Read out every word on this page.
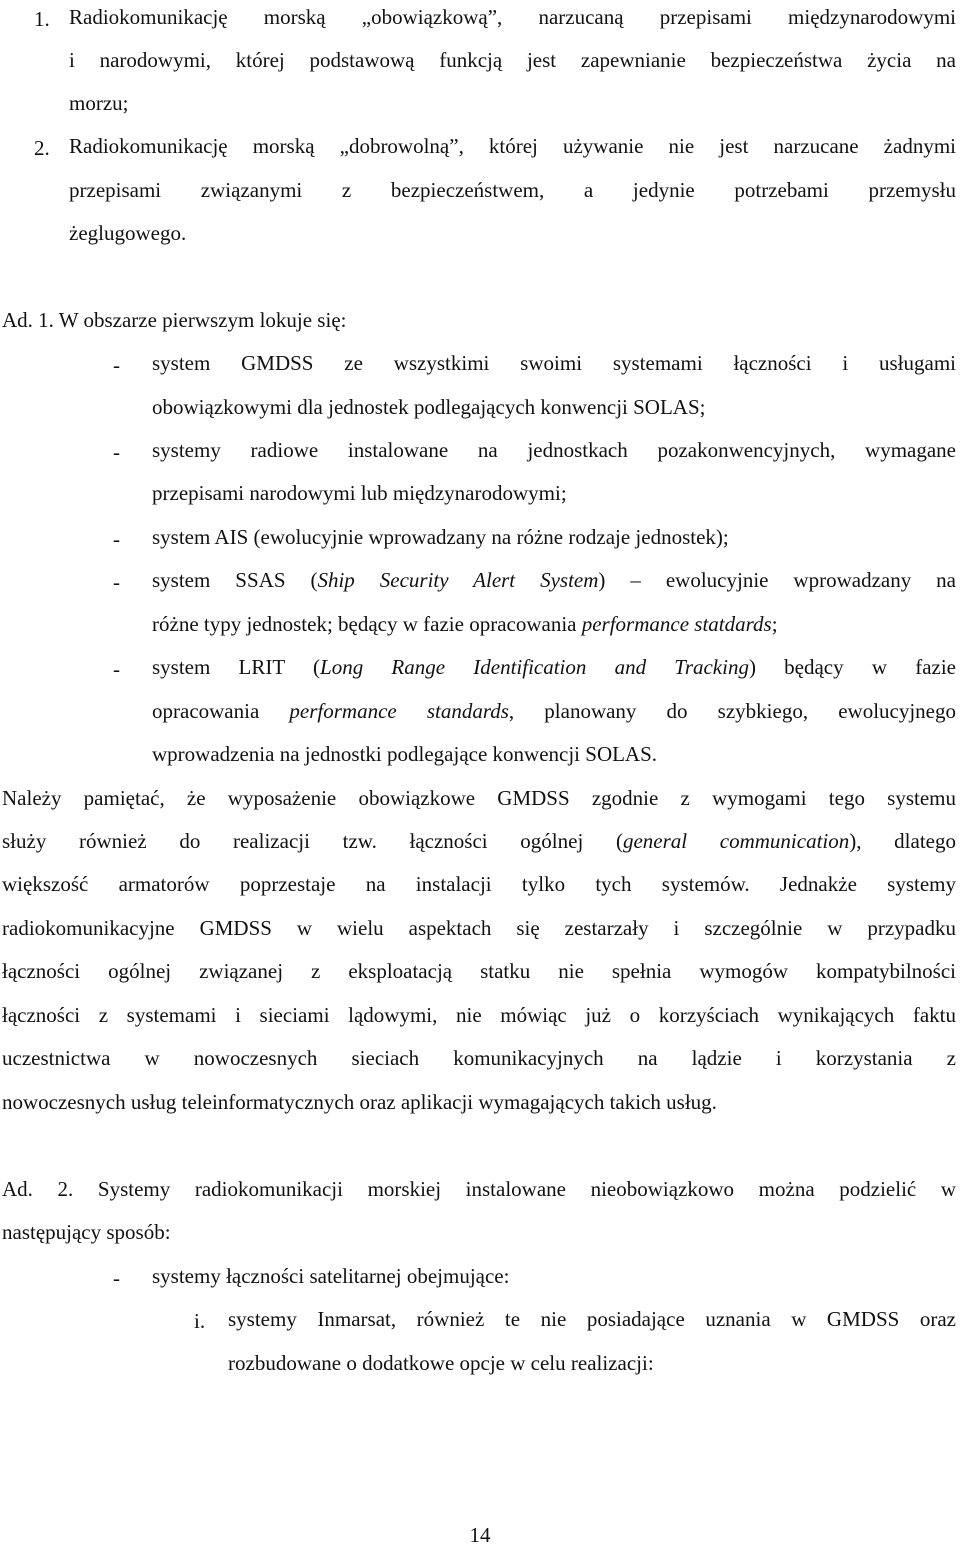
1. Radiokomunikację morską „obowiązkową”, narzucaną przepisami międzynarodowymi
i narodowymi, której podstawową funkcją jest zapewnianie bezpieczeństwa życia na
morzu;
2. Radiokomunikację morską „dobrowolną”, której używanie nie jest narzucane żadnymi
przepisami związanymi z bezpieczeństwem, a jedynie potrzebami przemysłu
żeglugowego.
Ad. 1. W obszarze pierwszym lokuje się:
- system GMDSS ze wszystkimi swoimi systemami łączności i usługami
obowiązkowymi dla jednostek podlegających konwencji SOLAS;
- systemy radiowe instalowane na jednostkach pozakonwencyjnych, wymagane
przepisami narodowymi lub międzynarodowymi;
- system AIS (ewolucyjnie wprowadzany na różne rodzaje jednostek);
- system SSAS (Ship Security Alert System) – ewolucyjnie wprowadzany na
różne typy jednostek; będący w fazie opracowania performance statdards;
- system LRIT (Long Range Identification and Tracking) będący w fazie
opracowania performance standards, planowany do szybkiego, ewolucyjnego
wprowadzenia na jednostki podlegające konwencji SOLAS.
Należy pamiętać, że wyposażenie obowiązkowe GMDSS zgodnie z wymogami tego systemu
służy również do realizacji tzw. łączności ogólnej (general communication), dlatego
większość armatorów poprzestaje na instalacji tylko tych systemów. Jednakże systemy
radiokomunikacyjne GMDSS w wielu aspektach się zestarzały i szczególnie w przypadku
łączności ogólnej związanej z eksploatacją statku nie spełnia wymogów kompatybilności
łączności z systemami i sieciami lądowymi, nie mówiąc już o korzyściach wynikających faktu
uczestnictwa w nowoczesnych sieciach komunikacyjnych na lądzie i korzystania z
nowoczesnych usług teleinformatycznych oraz aplikacji wymagających takich usług.
Ad. 2. Systemy radiokomunikacji morskiej instalowane nieobowiązkowo można podzielić w
następujący sposób:
- systemy łączności satelitarnej obejmujące:
i. systemy Inmarsat, również te nie posiadające uznania w GMDSS oraz
rozbudowane o dodatkowe opcje w celu realizacji:
14
